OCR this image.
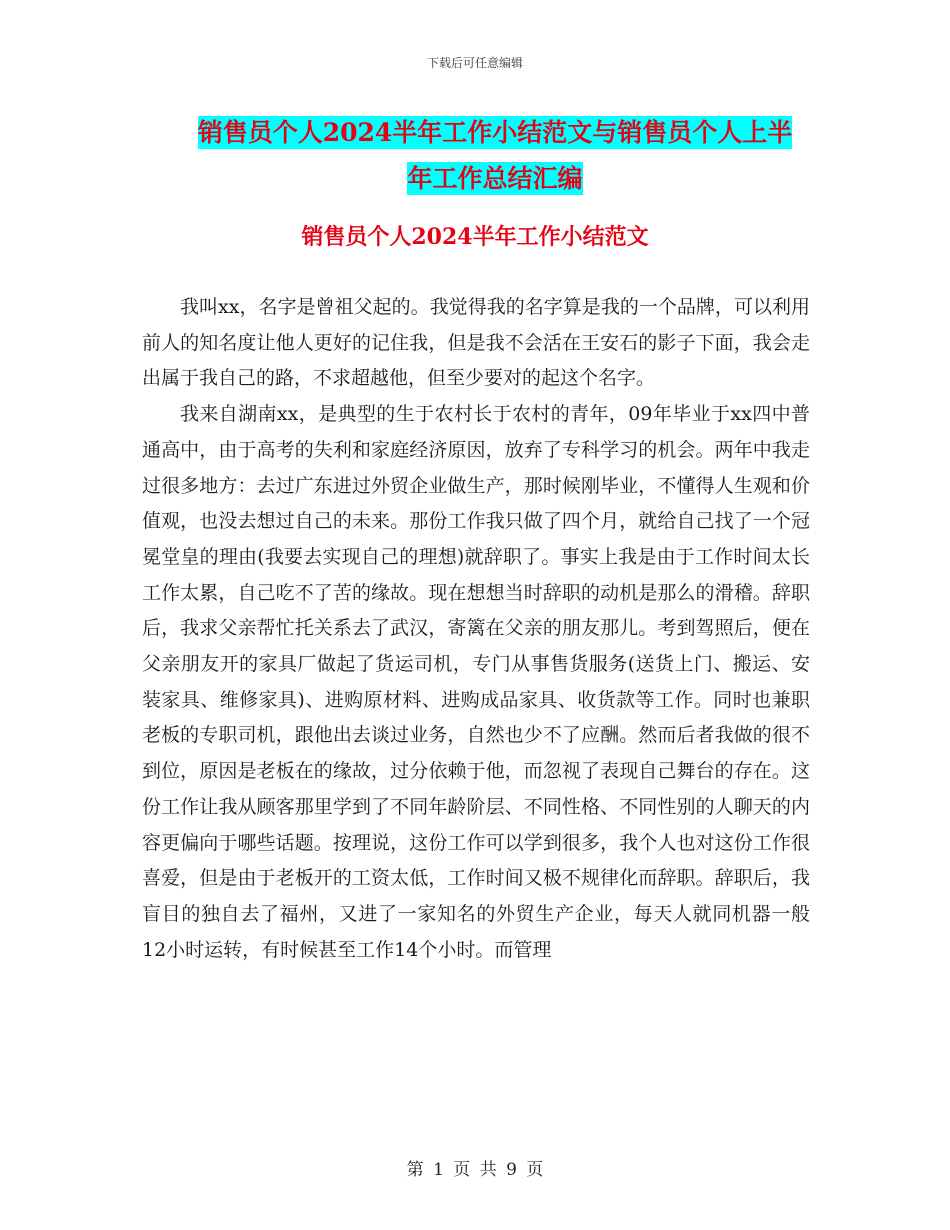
下载后可任意编辑
销售员个人2024半年工作小结范文与销售员个人上半
年工作总结汇编
销售员个人2024半年工作小结范文

我叫xx，名字是曾祖父起的。我觉得我的名字算是我的一个品牌，可以利用前人的知名度让他人更好的记住我，但是我不会活在王安石的影子下面，我会走出属于我自己的路，不求超越他，但至少要对的起这个名字。

我来自湖南xx，是典型的生于农村长于农村的青年，09年毕业于xx四中普通高中，由于高考的失利和家庭经济原因，放弃了专科学习的机会。两年中我走过很多地方：去过广东进过外贸企业做生产，那时候刚毕业，不懂得人生观和价值观，也没去想过自己的未来。那份工作我只做了四个月，就给自己找了一个冠冕堂皇的理由(我要去实现自己的理想)就辞职了。事实上我是由于工作时间太长工作太累，自己吃不了苦的缘故。现在想想当时辞职的动机是那么的滑稽。辞职后，我求父亲帮忙托关系去了武汉，寄篱在父亲的朋友那儿。考到驾照后，便在父亲朋友开的家具厂做起了货运司机，专门从事售货服务(送货上门、搬运、安装家具、维修家具)、进购原材料、进购成品家具、收货款等工作。同时也兼职老板的专职司机，跟他出去谈过业务，自然也少不了应酬。然而后者我做的很不到位，原因是老板在的缘故，过分依赖于他，而忽视了表现自己舞台的存在。这份工作让我从顾客那里学到了不同年龄阶层、不同性格、不同性别的人聊天的内容更偏向于哪些话题。按理说，这份工作可以学到很多，我个人也对这份工作很喜爱，但是由于老板开的工资太低，工作时间又极不规律化而辞职。辞职后，我盲目的独自去了福州，又进了一家知名的外贸生产企业，每天人就同机器一般12小时运转，有时候甚至工作14个小时。而管理

第 1 页 共 9 页
